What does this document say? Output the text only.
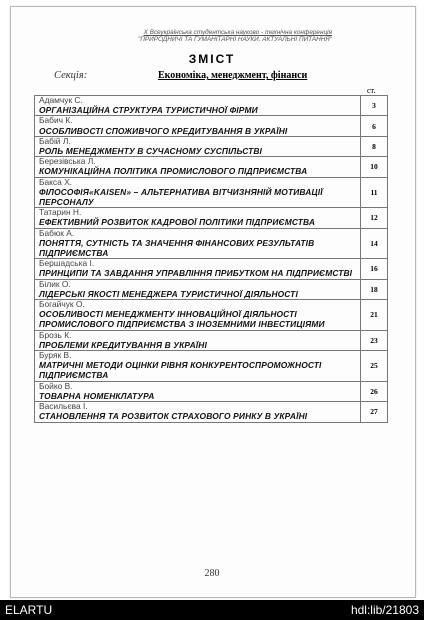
X Всеукраїнська студентська науково - технічна конференція
"ПРИРОДНИЧІ ТА ГУМАНІТАРНІ НАУКИ. АКТУАЛЬНІ ПИТАННЯ"
ЗМІСТ
Секція:	Економіка, менеджмент, фінанси
ст.
Адамчук С.
ОРГАНІЗАЦІЙНА СТРУКТУРА ТУРИСТИЧНОЇ ФІРМИ	3

Бабич К.
ОСОБЛИВОСТІ СПОЖИВЧОГО КРЕДИТУВАННЯ В УКРАЇНІ	6

Бабій Л.
РОЛЬ МЕНЕДЖМЕНТУ В СУЧАСНОМУ СУСПІЛЬСТВІ	8

Березівська Л.
КОМУНІКАЦІЙНА ПОЛІТИКА ПРОМИСЛОВОГО ПІДПРИЄМСТВА	10

Бакса Х.
ФІЛОСОФІЯ«KAISEN» – АЛЬТЕРНАТИВА ВІТЧИЗНЯНІЙ МОТИВАЦІЇ ПЕРСОНАЛУ	11

Татарин Н.
ЕФЕКТИВНИЙ РОЗВИТОК КАДРОВОЇ ПОЛІТИКИ ПІДПРИЄМСТВА	12

Бабюк А.
ПОНЯТТЯ, СУТНІСТЬ ТА ЗНАЧЕННЯ ФІНАНСОВИХ РЕЗУЛЬТАТІВ ПІДПРИЄМСТВА	14

Бершадська І.
ПРИНЦИПИ ТА ЗАВДАННЯ УПРАВЛІННЯ ПРИБУТКОМ НА ПІДПРИЄМСТВІ	16

Білик О.
ЛІДЕРСЬКІ ЯКОСТІ МЕНЕДЖЕРА ТУРИСТИЧНОЇ ДІЯЛЬНОСТІ	18

Богайчук О.
ОСОБЛИВОСТІ МЕНЕДЖМЕНТУ ІННОВАЦІЙНОЇ ДІЯЛЬНОСТІ ПРОМИСЛОВОГО ПІДПРИЄМСТВА З ІНОЗЕМНИМИ ІНВЕСТИЦІЯМИ	21

Брозь К.
ПРОБЛЕМИ КРЕДИТУВАННЯ В УКРАЇНІ	23

Буряк В.
МАТРИЧНІ МЕТОДИ ОЦІНКИ РІВНЯ КОНКУРЕНТОСПРОМОЖНОСТІ ПІДПРИЄМСТВА	25

Бойко В.
ТОВАРНА НОМЕНКЛАТУРА	26

Васильєва І.
СТАНОВЛЕННЯ ТА РОЗВИТОК СТРАХОВОГО РИНКУ В УКРАЇНІ	27
280
ELARTU	hdl:lib/21803
